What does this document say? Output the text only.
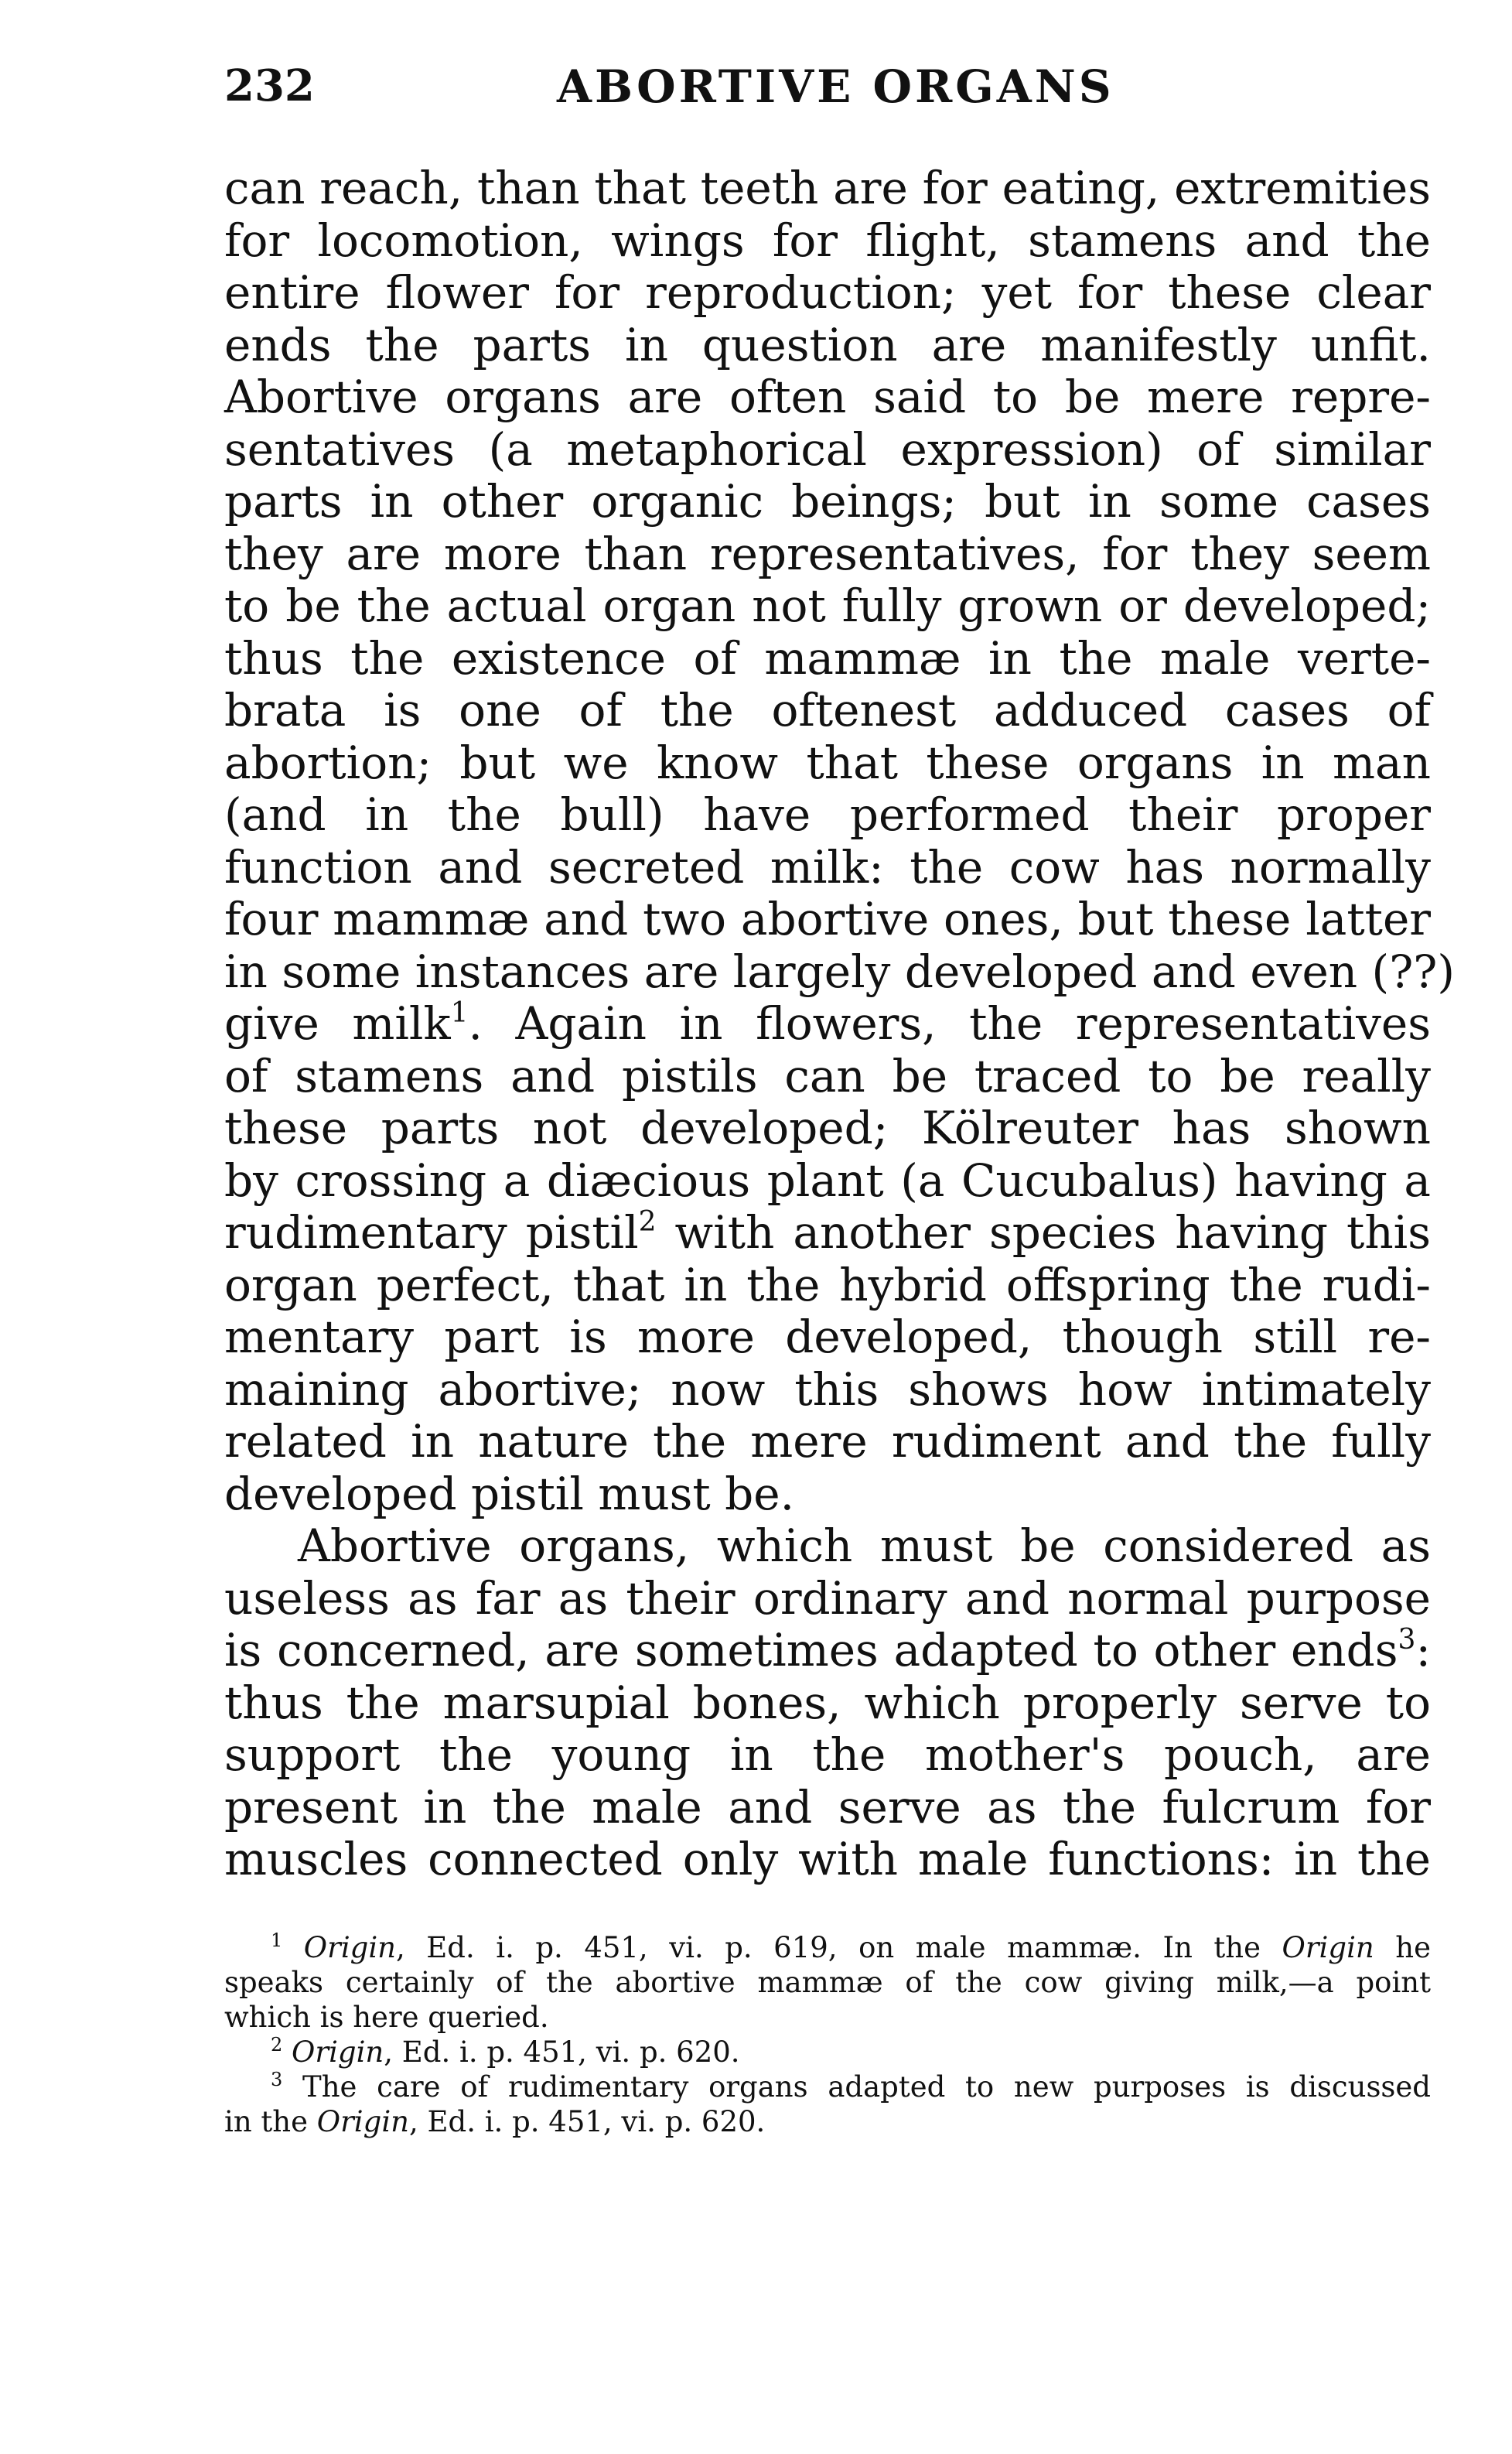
232	ABORTIVE ORGANS
can reach, than that teeth are for eating, extremities
for locomotion, wings for flight, stamens and the
entire flower for reproduction; yet for these clear
ends the parts in question are manifestly unfit.
Abortive organs are often said to be mere repre-
sentatives (a metaphorical expression) of similar
parts in other organic beings; but in some cases
they are more than representatives, for they seem
to be the actual organ not fully grown or developed;
thus the existence of mammæ in the male verte-
brata is one of the oftenest adduced cases of
abortion; but we know that these organs in man
(and in the bull) have performed their proper
function and secreted milk: the cow has normally
four mammæ and two abortive ones, but these latter
in some instances are largely developed and even (??)
give milk$^1$. Again in flowers, the representatives
of stamens and pistils can be traced to be really
these parts not developed; Kölreuter has shown
by crossing a diæcious plant (a Cucubalus) having a
rudimentary pistil$^2$ with another species having this
organ perfect, that in the hybrid offspring the rudi-
mentary part is more developed, though still re-
maining abortive; now this shows how intimately
related in nature the mere rudiment and the fully
developed pistil must be.
Abortive organs, which must be considered as
useless as far as their ordinary and normal purpose
is concerned, are sometimes adapted to other ends$^3$:
thus the marsupial bones, which properly serve to
support the young in the mother's pouch, are
present in the male and serve as the fulcrum for
muscles connected only with male functions: in the
$^1$ Origin, Ed. i. p. 451, vi. p. 619, on male mammæ. In the Origin he
speaks certainly of the abortive mammæ of the cow giving milk,—a point
which is here queried.
$^2$ Origin, Ed. i. p. 451, vi. p. 620.
$^3$ The care of rudimentary organs adapted to new purposes is discussed
in the Origin, Ed. i. p. 451, vi. p. 620.
